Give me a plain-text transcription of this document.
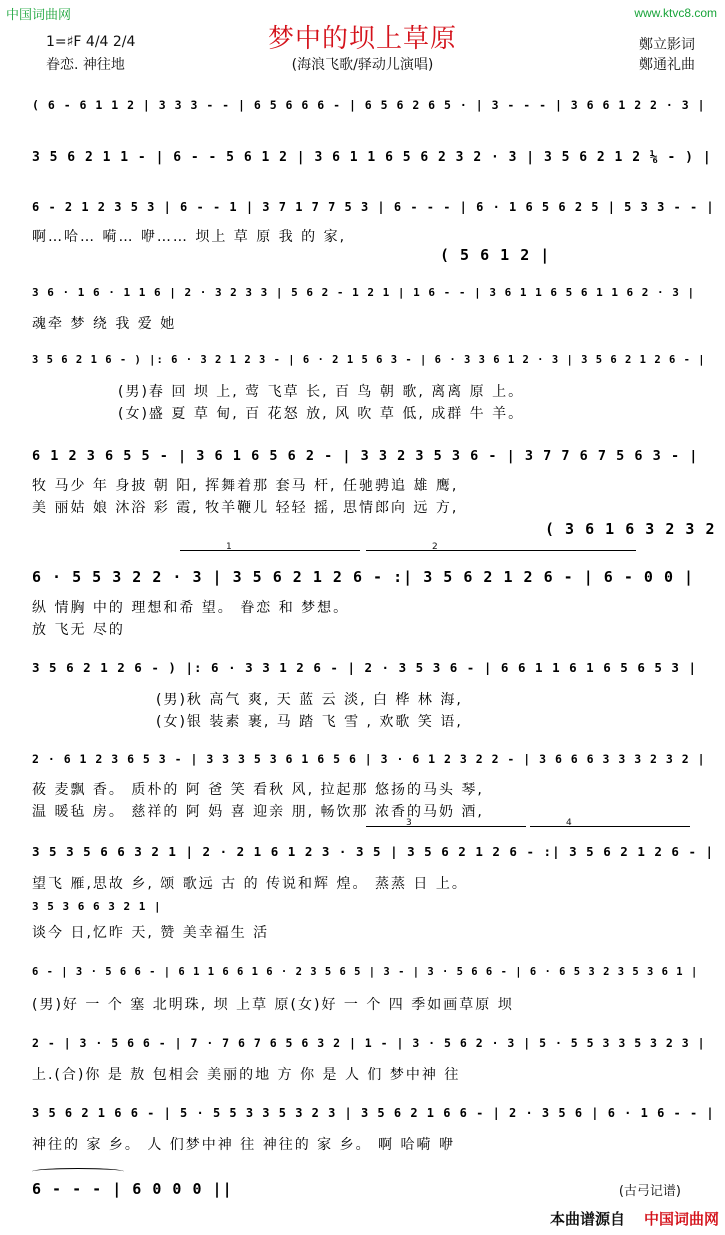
中国词曲网	www.ktvc8.com
梦中的坝上草原
(海浪飞歌/驿动儿演唱)
1=♯F 4/4 2/4
眷恋. 神往地
鄭立影词
鄭通礼曲
( 6 - 6 1 1 2 | 3 3 3 - - | 6 5 6 6 6 - | 6 5 6 2 6 5 · | 3 - - - | 3 6 6 1 2 2 · 3 |
3 5 6 2 1 1 - | 6 - - 5 6 1 2 | 3 6 1 1 6 5 6 2 3 2 · 3 | 3 5 6 2 1 2 ⅙ - ) |
6 - 2 1 2 3 5 3 | 6 - - 1 | 3 7 1 7 7 5 3 | 6 - - - | 6 · 1 6 5 6 2 5 | 5 3 3 - - |
啊…哈… 嗬… 咿…… 坝上 草 原 我 的 家,
( 5 6 1 2 |
3 6 · 1 6 · 1 1 6 | 2 · 3 2 3 3 | 5 6 2 - 1 2 1 | 1 6 - - | 3 6 1 1 6 5 6 1 1 6 2 · 3 |
魂牵 梦 绕 我 爱 她
3 5 6 2 1 6 - ) |: 6 · 3 2 1 2 3 - | 6 · 2 1 5 6 3 - | 6 · 3 3 6 1 2 · 3 | 3 5 6 2 1 2 6 - |
(男)春 回 坝 上, 莺 飞草 长, 百 鸟 朝 歌, 离离 原 上。
(女)盛 夏 草 甸, 百 花怒 放, 风 吹 草 低, 成群 牛 羊。
6 1 2 3 6 5 5 - | 3 6 1 6 5 6 2 - | 3 3 2 3 5 3 6 - | 3 7 7 6 7 5 6 3 - |
牧 马少 年 身披 朝 阳, 挥舞着那 套马 杆, 任驰骋追 雄 鹰,
美 丽姑 娘 沐浴 彩 霞, 牧羊鞭儿 轻轻 摇, 思情郎向 远 方,
( 3 6 1 6 3 2 3 2
1	2
6 · 5 5 3 2 2 · 3 | 3 5 6 2 1 2 6 - :| 3 5 6 2 1 2 6 - | 6 - 0 0 |
纵 情胸 中的 理想和希 望。 眷恋 和 梦想。
放 飞无 尽的
3 5 6 2 1 2 6 - ) |: 6 · 3 3 1 2 6 - | 2 · 3 5 3 6 - | 6 6 1 1 6 1 6 5 6 5 3 |
(男)秋 高气 爽, 天 蓝 云 淡, 白 桦 林 海,
(女)银 装素 裹, 马 踏 飞 雪 , 欢歌 笑 语,
2 · 6 1 2 3 6 5 3 - | 3 3 3 5 3 6 1 6 5 6 | 3 · 6 1 2 3 2 2 - | 3 6 6 6 3 3 3 2 3 2 |
莜 麦飘 香。 质朴的 阿 爸 笑 看秋 风, 拉起那 悠扬的马头 琴,
温 暖毡 房。 慈祥的 阿 妈 喜 迎亲 朋, 畅饮那 浓香的马奶 酒,
3	4
3 5 3 5 6 6 3 2 1 | 2 · 2 1 6 1 2 3 · 3 5 | 3 5 6 2 1 2 6 - :| 3 5 6 2 1 2 6 - |
望飞 雁,思故 乡, 颂 歌远 古 的 传说和辉 煌。 蒸蒸 日 上。
3 5 3 6 6 3 2 1 |
谈今 日,忆昨 天, 赞 美幸福生 活
6 - | 3 · 5 6 6 - | 6 1 1 6 6 1 6 · 2 3 5 6 5 | 3 - | 3 · 5 6 6 - | 6 · 6 5 3 2 3 5 3 6 1 |
(男)好 一 个 塞 北明珠, 坝 上草 原(女)好 一 个 四 季如画草原 坝
2 - | 3 · 5 6 6 - | 7 · 7 6 7 6 5 6 3 2 | 1 - | 3 · 5 6 2 · 3 | 5 · 5 5 3 3 5 3 2 3 |
上.(合)你 是 敖 包相会 美丽的地 方 你 是 人 们 梦中神 往
3 5 6 2 1 6 6 - | 5 · 5 5 3 3 5 3 2 3 | 3 5 6 2 1 6 6 - | 2 · 3 5 6 | 6 · 1 6 - - |
神往的 家 乡。 人 们梦中神 往 神往的 家 乡。 啊 哈嗬 咿
6 - - - | 6 0 0 0 ||	(古弓记谱)
本曲谱源自 中国词曲网
